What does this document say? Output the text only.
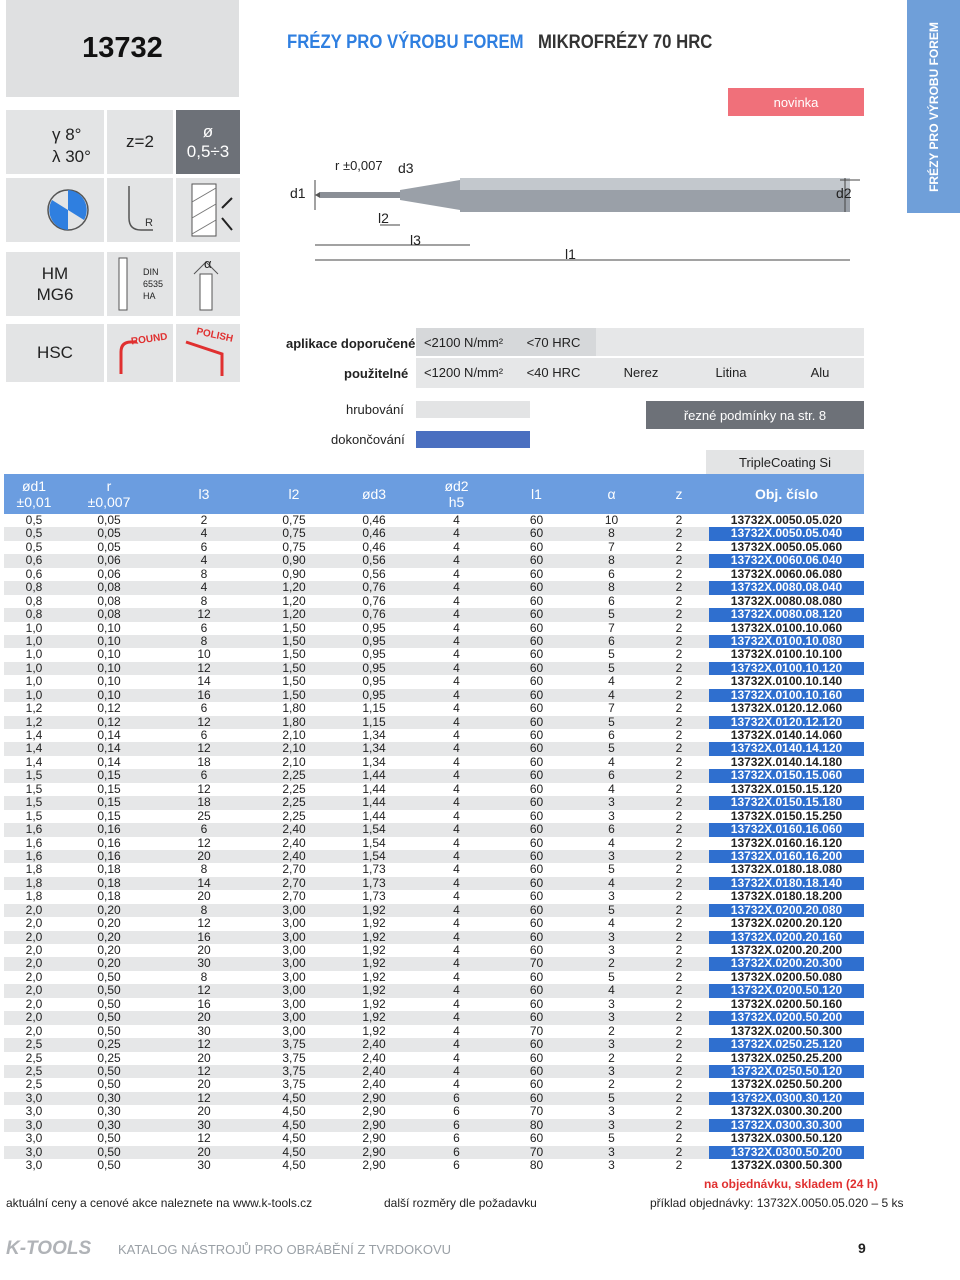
13732	FRÉZY PRO VÝROBU FOREM MIKROFRÉZY 70 HRC	FRÉZY PRO VÝROBU FOREM
novinka
γ 8°
λ 30°
z=2
ø
0,5÷3
R
HM
MG6
DIN
6535
HA
α
HSC
ROUND	POLISH
r ±0,007 d3
d1	d2
l2
l3
l1
aplikace doporučené
použitelné
<2100 N/mm²	<70 HRC
<1200 N/mm²	<40 HRC	Nerez	Litina	Alu
hrubování
dokončování
řezné podmínky na str. 8
TripleCoating Si
ød1
±0,01
r
±0,007	l3	l2	ød3	ød2
h5	l1	α	z	Obj. číslo
0,5	0,05	2	0,75	0,46	4	60	10	2	13732X.0050.05.020
0,5	0,05	4	0,75	0,46	4	60	8	2	13732X.0050.05.040
0,5	0,05	6	0,75	0,46	4	60	7	2	13732X.0050.05.060
0,6	0,06	4	0,90	0,56	4	60	8	2	13732X.0060.06.040
0,6	0,06	8	0,90	0,56	4	60	6	2	13732X.0060.06.080
0,8	0,08	4	1,20	0,76	4	60	8	2	13732X.0080.08.040
0,8	0,08	8	1,20	0,76	4	60	6	2	13732X.0080.08.080
0,8	0,08	12	1,20	0,76	4	60	5	2	13732X.0080.08.120
1,0	0,10	6	1,50	0,95	4	60	7	2	13732X.0100.10.060
1,0	0,10	8	1,50	0,95	4	60	6	2	13732X.0100.10.080
1,0	0,10	10	1,50	0,95	4	60	5	2	13732X.0100.10.100
1,0	0,10	12	1,50	0,95	4	60	5	2	13732X.0100.10.120
1,0	0,10	14	1,50	0,95	4	60	4	2	13732X.0100.10.140
1,0	0,10	16	1,50	0,95	4	60	4	2	13732X.0100.10.160
1,2	0,12	6	1,80	1,15	4	60	7	2	13732X.0120.12.060
1,2	0,12	12	1,80	1,15	4	60	5	2	13732X.0120.12.120
1,4	0,14	6	2,10	1,34	4	60	6	2	13732X.0140.14.060
1,4	0,14	12	2,10	1,34	4	60	5	2	13732X.0140.14.120
1,4	0,14	18	2,10	1,34	4	60	4	2	13732X.0140.14.180
1,5	0,15	6	2,25	1,44	4	60	6	2	13732X.0150.15.060
1,5	0,15	12	2,25	1,44	4	60	4	2	13732X.0150.15.120
1,5	0,15	18	2,25	1,44	4	60	3	2	13732X.0150.15.180
1,5	0,15	25	2,25	1,44	4	60	3	2	13732X.0150.15.250
1,6	0,16	6	2,40	1,54	4	60	6	2	13732X.0160.16.060
1,6	0,16	12	2,40	1,54	4	60	4	2	13732X.0160.16.120
1,6	0,16	20	2,40	1,54	4	60	3	2	13732X.0160.16.200
1,8	0,18	8	2,70	1,73	4	60	5	2	13732X.0180.18.080
1,8	0,18	14	2,70	1,73	4	60	4	2	13732X.0180.18.140
1,8	0,18	20	2,70	1,73	4	60	3	2	13732X.0180.18.200
2,0	0,20	8	3,00	1,92	4	60	5	2	13732X.0200.20.080
2,0	0,20	12	3,00	1,92	4	60	4	2	13732X.0200.20.120
2,0	0,20	16	3,00	1,92	4	60	3	2	13732X.0200.20.160
2,0	0,20	20	3,00	1,92	4	60	3	2	13732X.0200.20.200
2,0	0,20	30	3,00	1,92	4	70	2	2	13732X.0200.20.300
2,0	0,50	8	3,00	1,92	4	60	5	2	13732X.0200.50.080
2,0	0,50	12	3,00	1,92	4	60	4	2	13732X.0200.50.120
2,0	0,50	16	3,00	1,92	4	60	3	2	13732X.0200.50.160
2,0	0,50	20	3,00	1,92	4	60	3	2	13732X.0200.50.200
2,0	0,50	30	3,00	1,92	4	70	2	2	13732X.0200.50.300
2,5	0,25	12	3,75	2,40	4	60	3	2	13732X.0250.25.120
2,5	0,25	20	3,75	2,40	4	60	2	2	13732X.0250.25.200
2,5	0,50	12	3,75	2,40	4	60	3	2	13732X.0250.50.120
2,5	0,50	20	3,75	2,40	4	60	2	2	13732X.0250.50.200
3,0	0,30	12	4,50	2,90	6	60	5	2	13732X.0300.30.120
3,0	0,30	20	4,50	2,90	6	70	3	2	13732X.0300.30.200
3,0	0,30	30	4,50	2,90	6	80	3	2	13732X.0300.30.300
3,0	0,50	12	4,50	2,90	6	60	5	2	13732X.0300.50.120
3,0	0,50	20	4,50	2,90	6	70	3	2	13732X.0300.50.200
3,0	0,50	30	4,50	2,90	6	80	3	2	13732X.0300.50.300
na objednávku, skladem (24 h)
aktuální ceny a cenové akce naleznete na www.k-tools.cz	další rozměry dle požadavku	příklad objednávky: 13732X.0050.05.020 – 5 ks
K-TOOLS KATALOG NÁSTROJŮ PRO OBRÁBĚNÍ Z TVRDOKOVU	9
